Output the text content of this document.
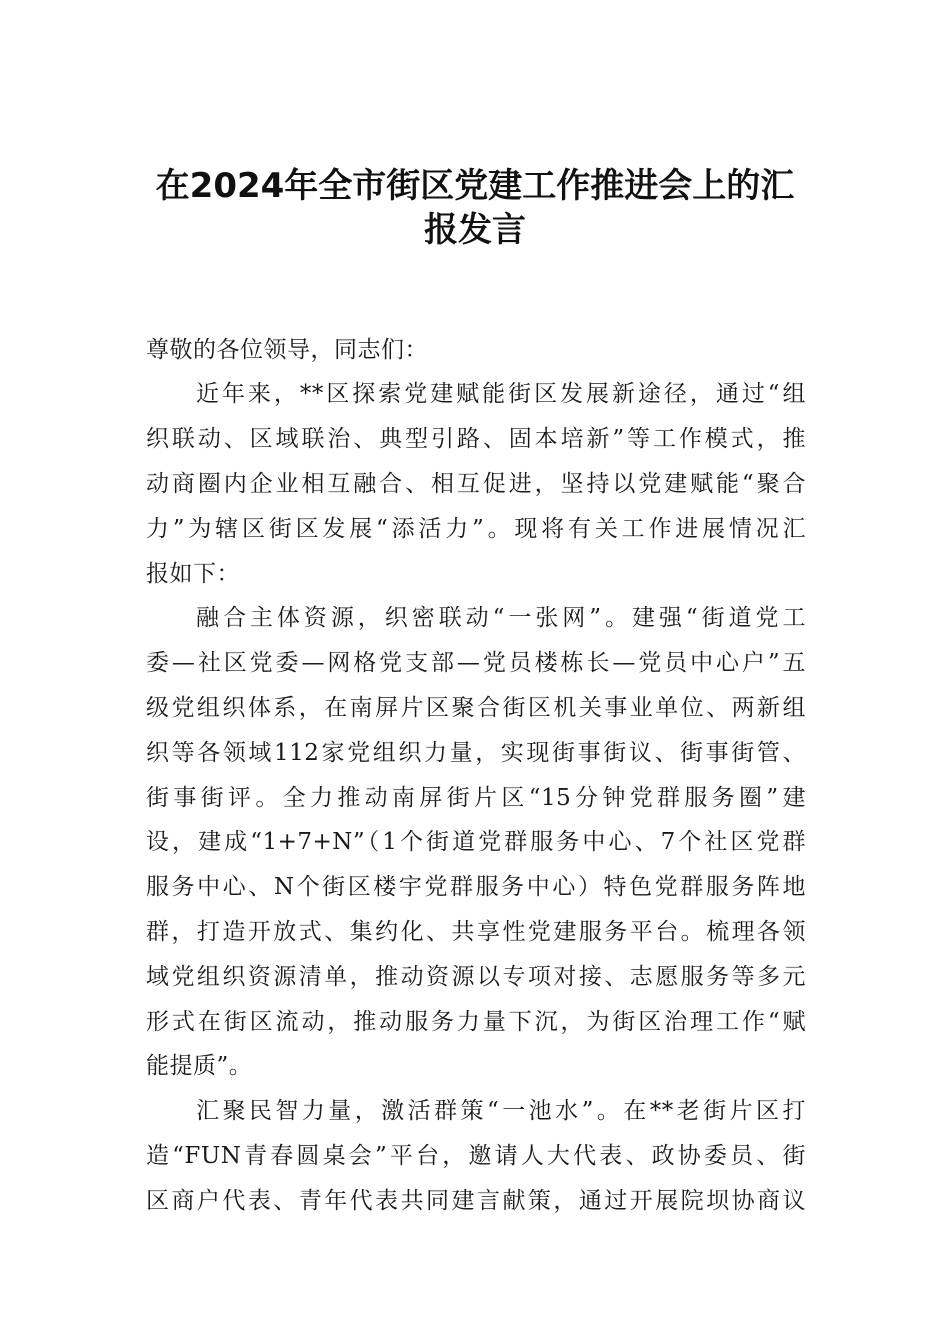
在2024年全市街区党建工作推进会上的汇
报发言
尊敬的各位领导，同志们：
近年来，**区探索党建赋能街区发展新途径，通过“组
织联动、区域联治、典型引路、固本培新”等工作模式，推
动商圈内企业相互融合、相互促进，坚持以党建赋能“聚合
力”为辖区街区发展“添活力”。现将有关工作进展情况汇
报如下：
融合主体资源，织密联动“一张网”。建强“街道党工
委—社区党委—网格党支部—党员楼栋长—党员中心户”五
级党组织体系，在南屏片区聚合街区机关事业单位、两新组
织等各领域112家党组织力量，实现街事街议、街事街管、
街事街评。全力推动南屏街片区“15分钟党群服务圈”建
设，建成“1+7+N”（1个街道党群服务中心、7个社区党群
服务中心、N个街区楼宇党群服务中心）特色党群服务阵地
群，打造开放式、集约化、共享性党建服务平台。梳理各领
域党组织资源清单，推动资源以专项对接、志愿服务等多元
形式在街区流动，推动服务力量下沉，为街区治理工作“赋
能提质”。
汇聚民智力量，激活群策“一池水”。在**老街片区打
造“FUN青春圆桌会”平台，邀请人大代表、政协委员、街
区商户代表、青年代表共同建言献策，通过开展院坝协商议
